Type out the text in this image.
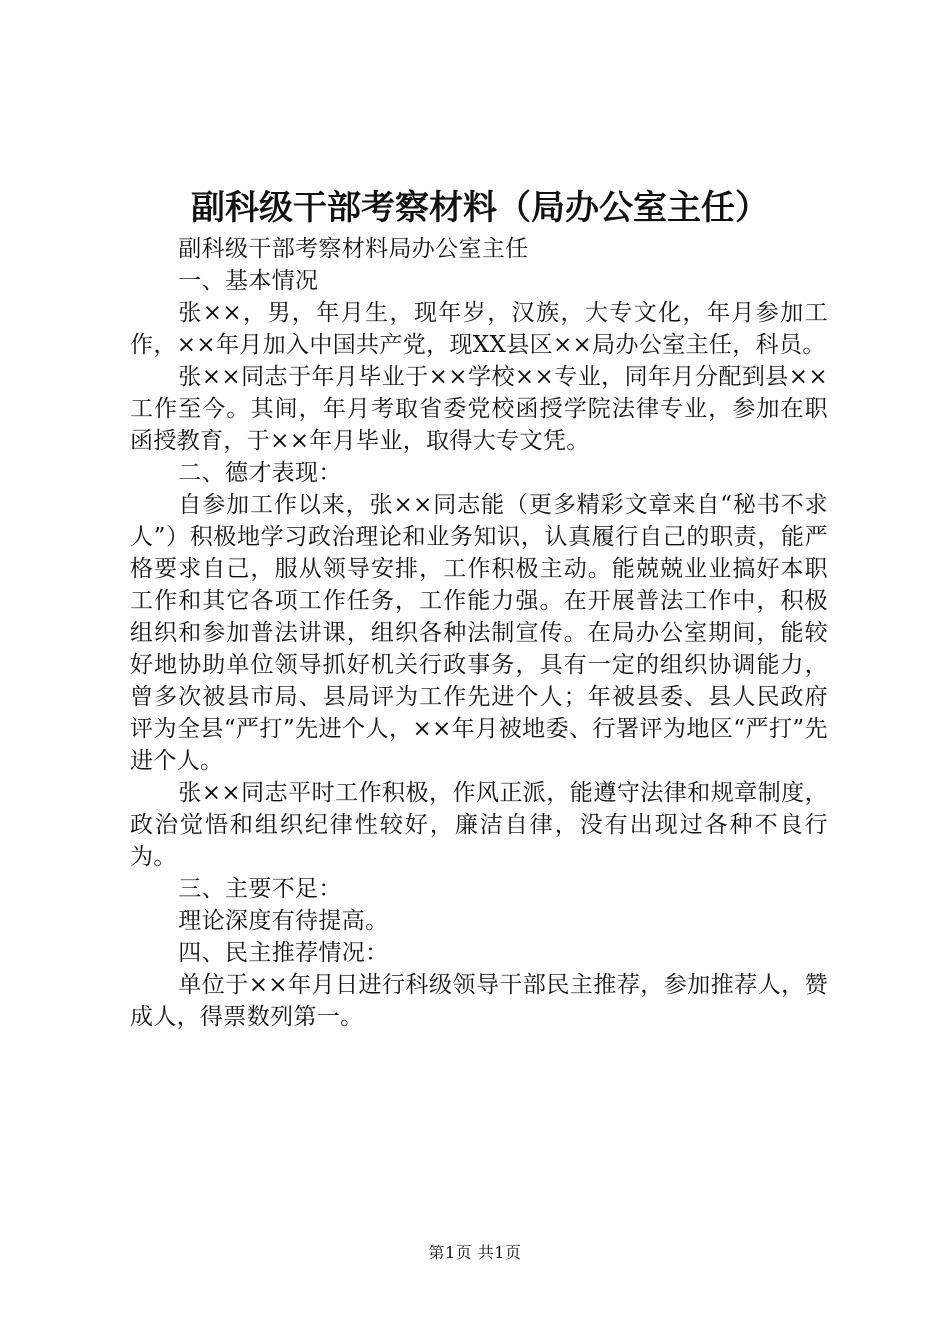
副科级干部考察材料（局办公室主任）

副科级干部考察材料局办公室主任

一、基本情况

张××，男，年月生，现年岁，汉族，大专文化，年月参加工作，××年月加入中国共产党，现XX县区××局办公室主任，科员。

张××同志于年月毕业于××学校××专业，同年月分配到县××工作至今。其间，年月考取省委党校函授学院法律专业，参加在职函授教育，于××年月毕业，取得大专文凭。

二、德才表现：

自参加工作以来，张××同志能（更多精彩文章来自“秘书不求人”）积极地学习政治理论和业务知识，认真履行自己的职责，能严格要求自己，服从领导安排，工作积极主动。能兢兢业业搞好本职工作和其它各项工作任务，工作能力强。在开展普法工作中，积极组织和参加普法讲课，组织各种法制宣传。在局办公室期间，能较好地协助单位领导抓好机关行政事务，具有一定的组织协调能力，曾多次被县市局、县局评为工作先进个人；年被县委、县人民政府评为全县“严打”先进个人，××年月被地委、行署评为地区“严打”先进个人。

张××同志平时工作积极，作风正派，能遵守法律和规章制度，政治觉悟和组织纪律性较好，廉洁自律，没有出现过各种不良行为。

三、主要不足：

理论深度有待提高。

四、民主推荐情况：

单位于××年月日进行科级领导干部民主推荐，参加推荐人，赞成人，得票数列第一。

第1页 共1页
